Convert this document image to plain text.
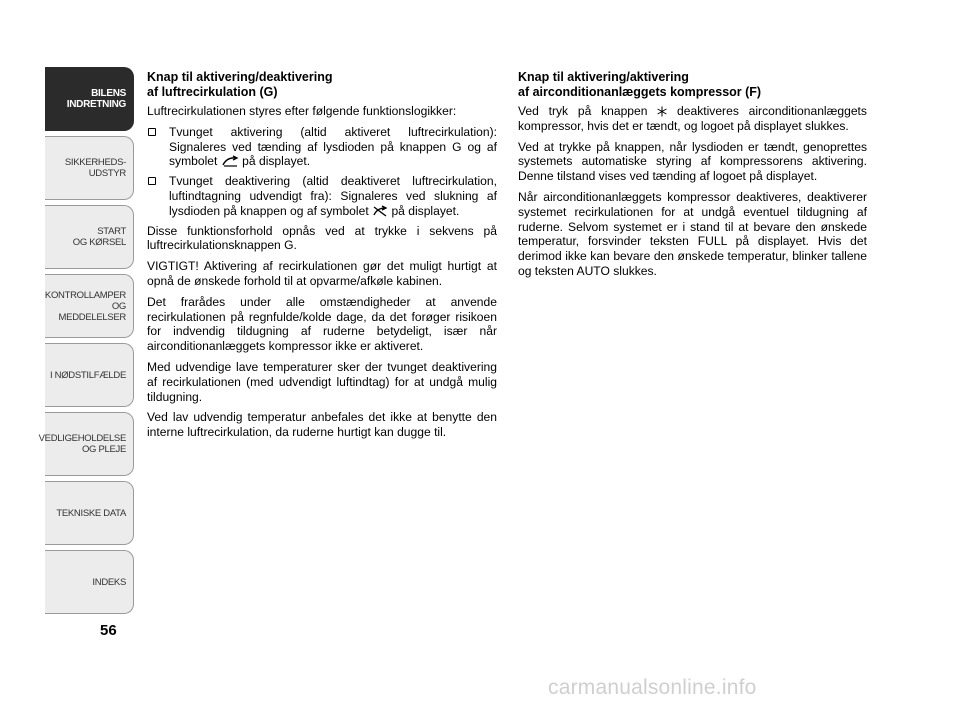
BILENS
INDRETNING
SIKKERHEDS-
UDSTYR
START
OG KØRSEL
KONTROLLAMPER
OG MEDDELELSER
I NØDSTILFÆLDE
VEDLIGEHOLDELSE
OG PLEJE
TEKNISKE DATA
INDEKS
56
Knap til aktivering/deaktivering
af luftrecirkulation (G)

Luftrecirkulationen styres efter følgende funktionslogikker:

Tvunget aktivering (altid aktiveret luftrecirkulation): Signaleres ved tænding af lysdioden på knappen G og af symbolet på displayet.
Tvunget deaktivering (altid deaktiveret luftrecirkulation, luftindtagning udvendigt fra): Signaleres ved slukning af lysdioden på knappen og af symbolet på displayet.

Disse funktionsforhold opnås ved at trykke i sekvens på luftrecirkulationsknappen G.

VIGTIGT! Aktivering af recirkulationen gør det muligt hurtigt at opnå de ønskede forhold til at opvarme/afkøle kabinen.

Det frarådes under alle omstændigheder at anvende recirkulationen på regnfulde/kolde dage, da det forøger risikoen for indvendig tildugning af ruderne betydeligt, især når airconditionanlæggets kompressor ikke er aktiveret.

Med udvendige lave temperaturer sker der tvunget deaktivering af recirkulationen (med udvendigt luftindtag) for at undgå mulig tildugning.

Ved lav udvendig temperatur anbefales det ikke at benytte den interne luftrecirkulation, da ruderne hurtigt kan dugge til.

Knap til aktivering/aktivering
af airconditionanlæggets kompressor (F)

Ved tryk på knappen deaktiveres airconditionanlæggets kompressor, hvis det er tændt, og logoet på displayet slukkes.

Ved at trykke på knappen, når lysdioden er tændt, genoprettes systemets automatiske styring af kompressorens aktivering. Denne tilstand vises ved tænding af logoet på displayet.

Når airconditionanlæggets kompressor deaktiveres, deaktiverer systemet recirkulationen for at undgå eventuel tildugning af ruderne. Selvom systemet er i stand til at bevare den ønskede temperatur, forsvinder teksten FULL på displayet. Hvis det derimod ikke kan bevare den ønskede temperatur, blinker tallene og teksten AUTO slukkes.

carmanualsonline.info
